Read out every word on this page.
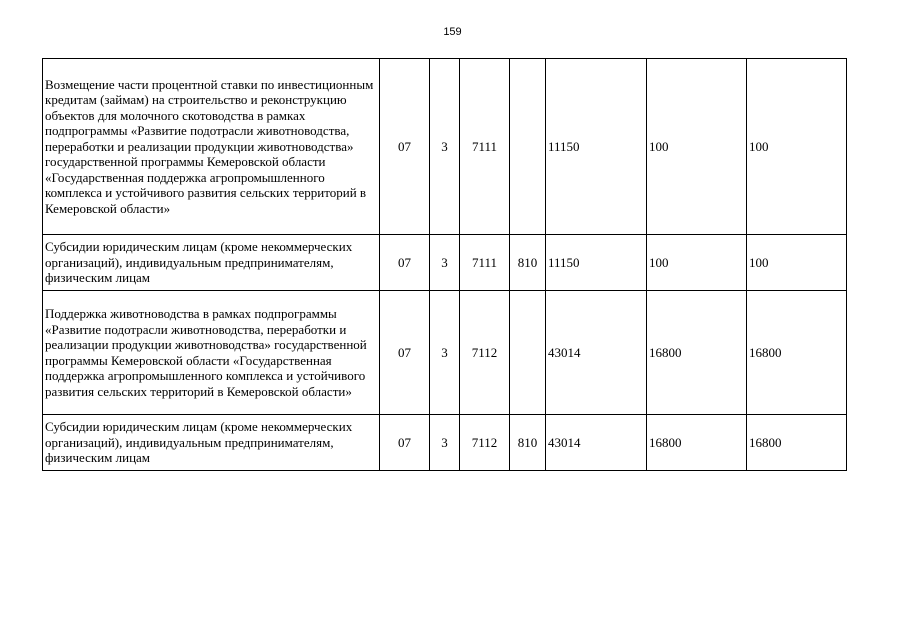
159
Возмещение части процентной ставки по инвестиционным кредитам (займам) на строительство и реконструкцию объектов для молочного скотоводства в рамках подпрограммы «Развитие подотрасли животноводства, переработки и реализации продукции животноводства» государственной программы Кемеровской области «Государственная поддержка агропромышленного комплекса и устойчивого развития сельских территорий в Кемеровской области»	07	3	7111		11150	100	100
Субсидии юридическим лицам (кроме некоммерческих организаций), индивидуальным предпринимателям, физическим лицам	07	3	7111	810	11150	100	100
Поддержка животноводства в рамках подпрограммы «Развитие подотрасли животноводства, переработки и реализации продукции животноводства» государственной программы Кемеровской области «Государственная поддержка агропромышленного комплекса и устойчивого развития сельских территорий в Кемеровской области»	07	3	7112		43014	16800	16800
Субсидии юридическим лицам (кроме некоммерческих организаций), индивидуальным предпринимателям, физическим лицам	07	3	7112	810	43014	16800	16800
